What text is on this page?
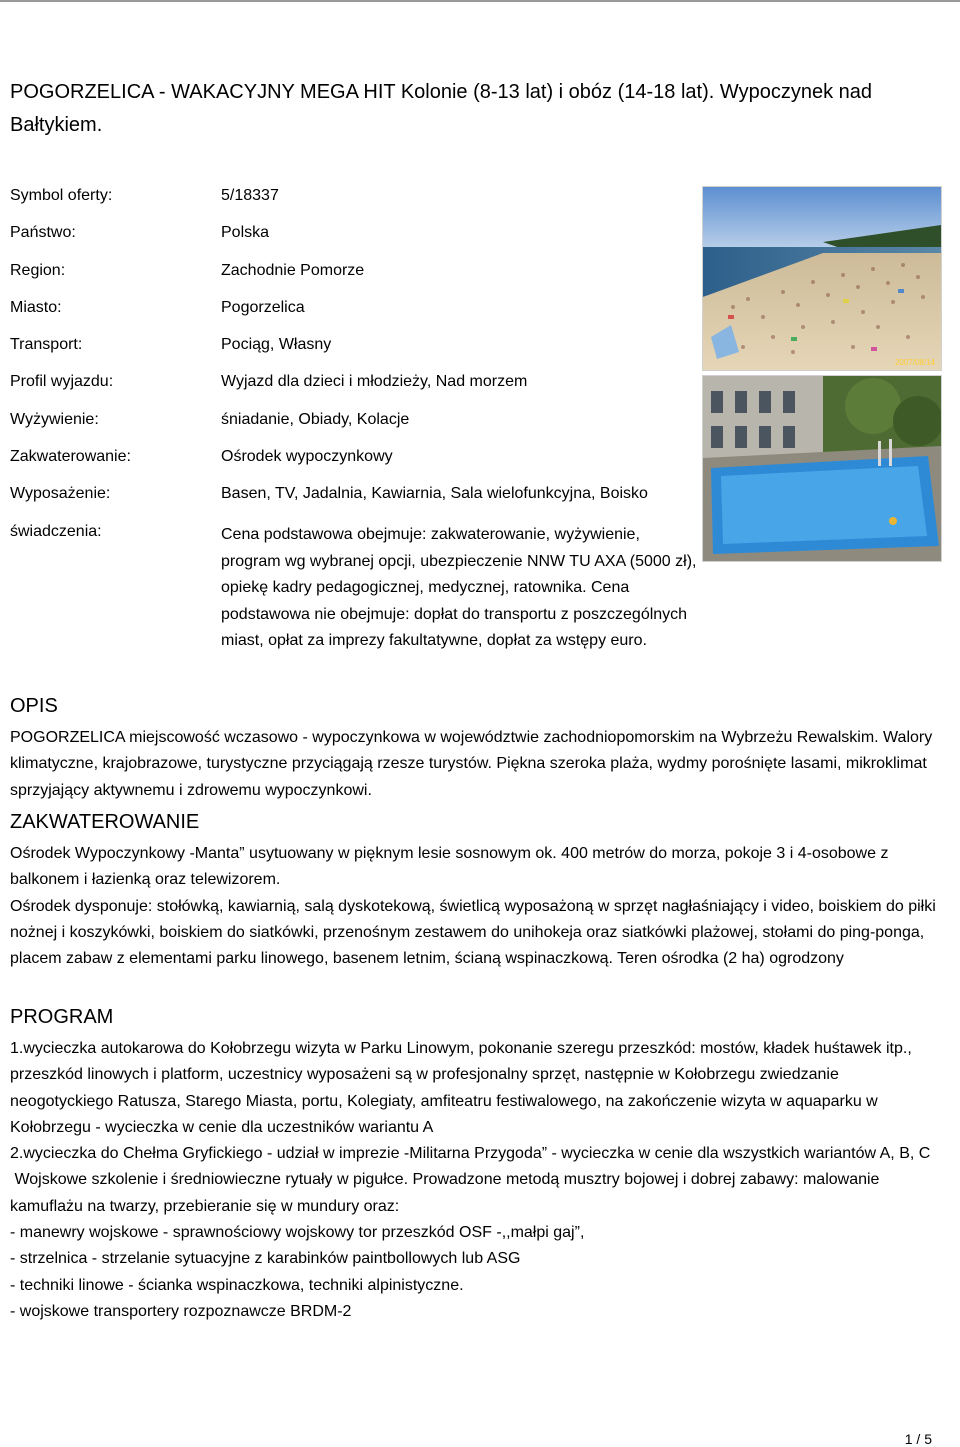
POGORZELICA - WAKACYJNY MEGA HIT Kolonie (8-13 lat) i obóz (14-18 lat). Wypoczynek nad Bałtykiem.
Symbol oferty:	5/18337
Państwo:	Polska
Region:	Zachodnie Pomorze
Miasto:	Pogorzelica
Transport:	Pociąg, Własny
Profil wyjazdu:	Wyjazd dla dzieci i młodzieży, Nad morzem
Wyżywienie:	śniadanie, Obiady, Kolacje
Zakwaterowanie:	Ośrodek wypoczynkowy
Wyposażenie:	Basen, TV, Jadalnia, Kawiarnia, Sala wielofunkcyjna, Boisko
świadczenia:	Cena podstawowa obejmuje: zakwaterowanie, wyżywienie, program wg wybranej opcji, ubezpieczenie NNW TU AXA (5000 zł), opiekę kadry pedagogicznej, medycznej, ratownika. Cena podstawowa nie obejmuje: dopłat do transportu z poszczególnych miast, opłat za imprezy fakultatywne, dopłat za wstępy euro.
2007/08/14
OPIS

POGORZELICA miejscowość wczasowo - wypoczynkowa w województwie zachodniopomorskim na Wybrzeżu Rewalskim. Walory klimatyczne, krajobrazowe, turystyczne przyciągają rzesze turystów. Piękna szeroka plaża, wydmy porośnięte lasami, mikroklimat sprzyjający aktywnemu i zdrowemu wypoczynkowi.

ZAKWATEROWANIE

Ośrodek Wypoczynkowy -Manta” usytuowany w pięknym lesie sosnowym ok. 400 metrów do morza, pokoje 3 i 4-osobowe z balkonem i łazienką oraz telewizorem.

Ośrodek dysponuje: stołówką, kawiarnią, salą dyskotekową, świetlicą wyposażoną w sprzęt nagłaśniający i video, boiskiem do piłki nożnej i koszykówki, boiskiem do siatkówki, przenośnym zestawem do unihokeja oraz siatkówki plażowej, stołami do ping-ponga, placem zabaw z elementami parku linowego, basenem letnim, ścianą wspinaczkową. Teren ośrodka (2 ha) ogrodzony

PROGRAM

1.wycieczka autokarowa do Kołobrzegu wizyta w Parku Linowym, pokonanie szeregu przeszkód: mostów, kładek huśtawek itp., przeszkód linowych i platform, uczestnicy wyposażeni są w profesjonalny sprzęt, następnie w Kołobrzegu zwiedzanie neogotyckiego Ratusza, Starego Miasta, portu, Kolegiaty, amfiteatru festiwalowego, na zakończenie wizyta w aquaparku w Kołobrzegu - wycieczka w cenie dla uczestników wariantu A

2.wycieczka do Chełma Gryfickiego - udział w imprezie -Militarna Przygoda” - wycieczka w cenie dla wszystkich wariantów A, B, C

Wojskowe szkolenie i średniowieczne rytuały w pigułce. Prowadzone metodą musztry bojowej i dobrej zabawy: malowanie kamuflażu na twarzy, przebieranie się w mundury oraz:

- manewry wojskowe - sprawnościowy wojskowy tor przeszkód OSF -,,małpi gaj”,

- strzelnica - strzelanie sytuacyjne z karabinków paintbollowych lub ASG

- techniki linowe - ścianka wspinaczkowa, techniki alpinistyczne.

- wojskowe transportery rozpoznawcze BRDM-2

1 / 5
